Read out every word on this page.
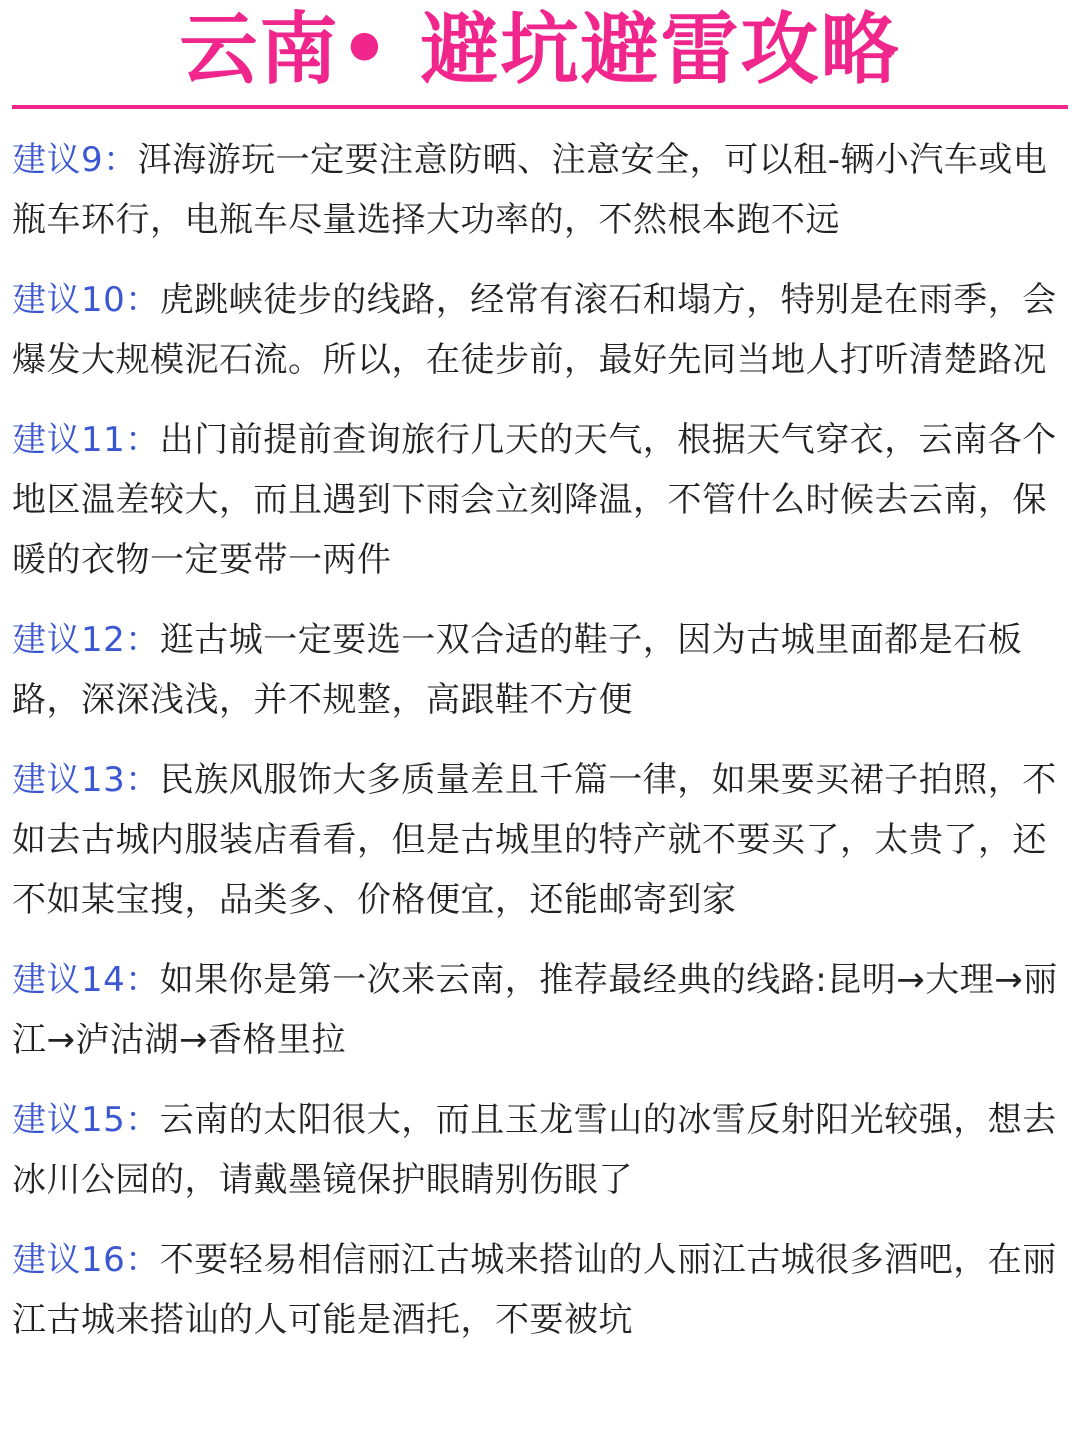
云南• 避坑避雷攻略

建议9：洱海游玩一定要注意防晒、注意安全，可以租-辆小汽车或电瓶车环行，电瓶车尽量选择大功率的，不然根本跑不远

建议10：虎跳峡徒步的线路，经常有滚石和塌方，特别是在雨季，会爆发大规模泥石流。所以，在徒步前，最好先同当地人打听清楚路况

建议11：出门前提前查询旅行几天的天气，根据天气穿衣，云南各个地区温差较大，而且遇到下雨会立刻降温，不管什么时候去云南，保暖的衣物一定要带一两件

建议12：逛古城一定要选一双合适的鞋子，因为古城里面都是石板路，深深浅浅，并不规整，高跟鞋不方便

建议13：民族风服饰大多质量差且千篇一律，如果要买裙子拍照，不如去古城内服装店看看，但是古城里的特产就不要买了，太贵了，还不如某宝搜，品类多、价格便宜，还能邮寄到家

建议14：如果你是第一次来云南，推荐最经典的线路:昆明→大理→丽江→泸沽湖→香格里拉

建议15：云南的太阳很大，而且玉龙雪山的冰雪反射阳光较强，想去冰川公园的，请戴墨镜保护眼睛别伤眼了

建议16：不要轻易相信丽江古城来搭讪的人丽江古城很多酒吧，在丽江古城来搭讪的人可能是酒托，不要被坑
